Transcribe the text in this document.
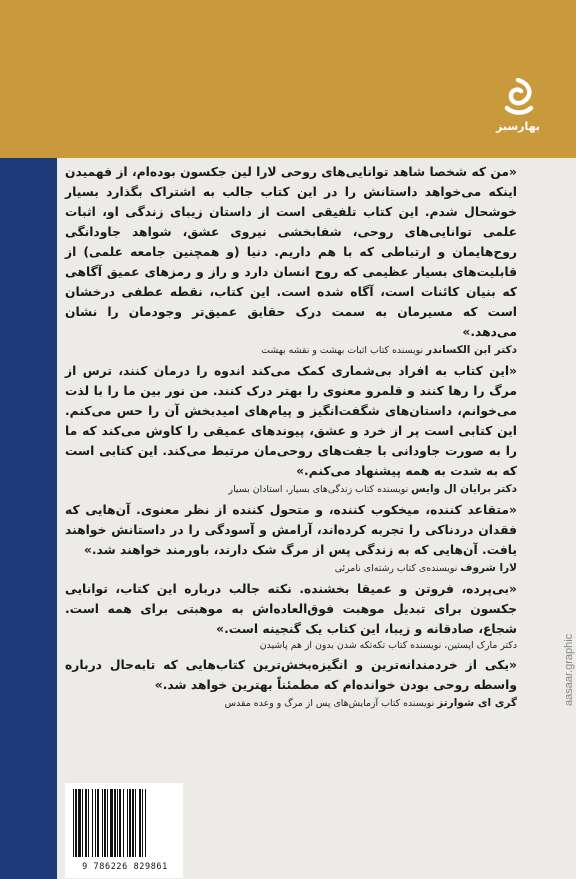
بهارسبز

«من که شخصا شاهد توانایی‌های روحی لارا لین جکسون بوده‌ام، از فهمیدن اینکه می‌خواهد داستانش را در این کتاب جالب به اشتراک بگذارد بسیار خوشحال شدم. این کتاب تلفیقی است از داستان زیبای زندگی او، اثبات علمی توانایی‌های روحی، شفابخشی نیروی عشق، شواهد جاودانگی روح‌هایمان و ارتباطی که با هم داریم. دنیا (و همچنین جامعه علمی) از قابلیت‌های بسیار عظیمی که روح انسان دارد و راز و رمزهای عمیق آگاهی که بنیان کائنات است، آگاه شده است. این کتاب، نقطه عطفی درخشان است که مسیرمان به سمت درک حقایق عمیق‌تر وجودمان را نشان می‌دهد.»

دکتر ابن الکساندر نویسنده کتاب اثبات بهشت و نقشه بهشت

«این کتاب به افراد بی‌شماری کمک می‌کند اندوه را درمان کنند، ترس از مرگ را رها کنند و قلمرو معنوی را بهتر درک کنند. من نور بین ما را با لذت می‌خوانم، داستان‌های شگفت‌انگیز و پیام‌های امیدبخش آن را حس می‌کنم. این کتابی است پر از خرد و عشق، پیوندهای عمیقی را کاوش می‌کند که ما را به صورت جاودانی با جفت‌های روحی‌مان مرتبط می‌کند. این کتابی است که به شدت به همه پیشنهاد می‌کنم.»

دکتر برایان ال وایس نویسنده کتاب زندگی‌های بسیار، استادان بسیار

«متقاعد کننده، میخکوب کننده، و متحول کننده از نظر معنوی. آن‌هایی که فقدان دردناکی را تجربه کرده‌اند، آرامش و آسودگی را در داستانش خواهند یافت. آن‌هایی که به زندگی پس از مرگ شک دارند، باورمند خواهند شد.»

لارا شروف نویسنده‌ی کتاب رشته‌ای نامرئی

«بی‌پرده، فروتن و عمیقا بخشنده. نکته جالب درباره این کتاب، توانایی جکسون برای تبدیل موهبت فوق‌العاده‌اش به موهبتی برای همه است. شجاع، صادقانه و زیبا، این کتاب یک گنجینه است.»

دکتر مارک اپستین، نویسنده کتاب تکه‌تکه شدن بدون از هم پاشیدن

«یکی از خردمندانه‌ترین و انگیزه‌بخش‌ترین کتاب‌هایی که تا‌به‌حال درباره واسطه روحی بودن خوانده‌ام که مطمئناً بهترین خواهد شد.»

گری ای شوارتز نویسنده کتاب آزمایش‌های پس از مرگ و وعده مقدس

9 786226 829861
aasaar.graphic
